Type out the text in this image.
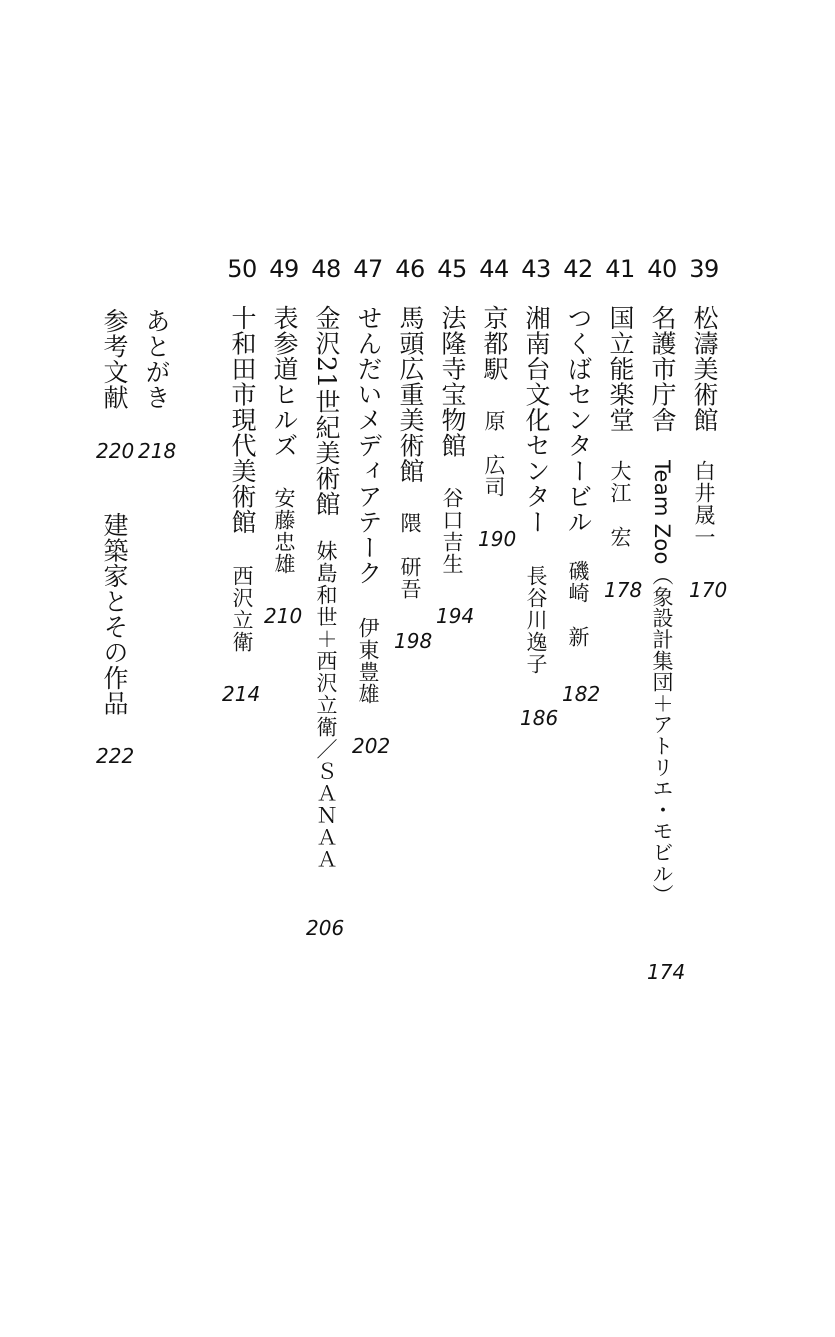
39
松濤美術館
白井晟一
170
40
名護市庁舎
Team Zoo（象設計集団＋アトリエ・モビル）
174
41
国立能楽堂
大江　宏
178
42
つくばセンタービル
磯崎　新
182
43
湘南台文化センター
長谷川逸子
186
44
京都駅
原　広司
190
45
法隆寺宝物館
谷口吉生
194
46
馬頭広重美術館
隈　研吾
198
47
せんだいメディアテーク
伊東豊雄
202
48
金沢21世紀美術館
妹島和世＋西沢立衛／ＳＡＮＡＡ
206
49
表参道ヒルズ
安藤忠雄
210
50
十和田市現代美術館
西沢立衛
214
あとがき
218
参考文献
220
建築家とその作品
222
